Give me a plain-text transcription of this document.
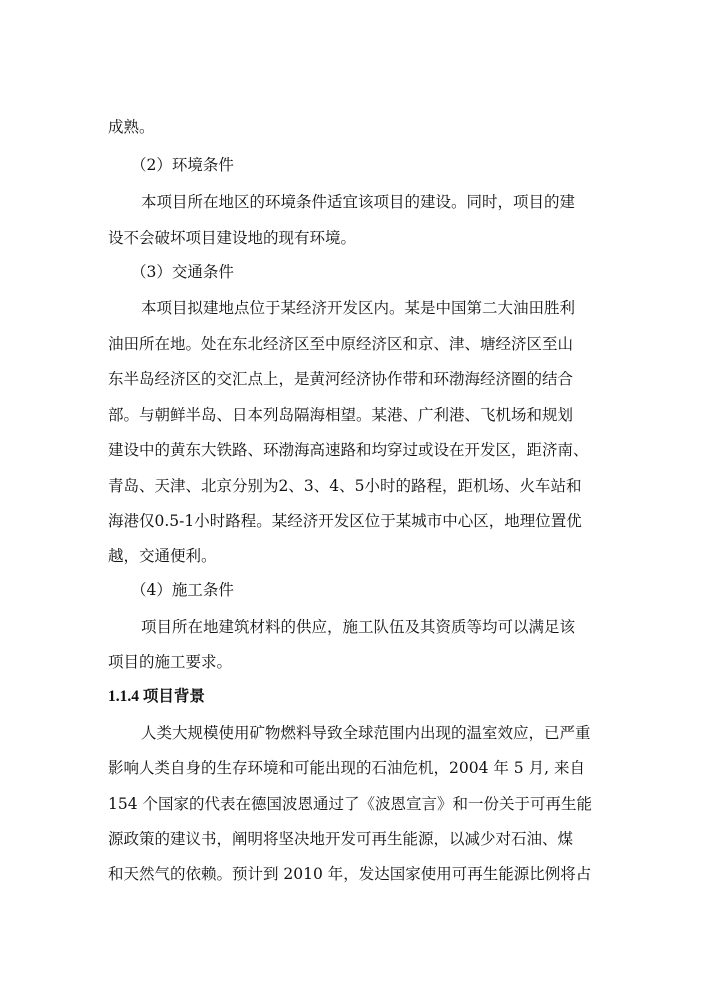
成熟。
（2）环境条件
本项目所在地区的环境条件适宜该项目的建设。同时，项目的建
设不会破坏项目建设地的现有环境。
（3）交通条件
本项目拟建地点位于某经济开发区内。某是中国第二大油田胜利
油田所在地。处在东北经济区至中原经济区和京、津、塘经济区至山
东半岛经济区的交汇点上，是黄河经济协作带和环渤海经济圈的结合
部。与朝鲜半岛、日本列岛隔海相望。某港、广利港、飞机场和规划
建设中的黄东大铁路、环渤海高速路和均穿过或设在开发区，距济南、
青岛、天津、北京分别为2、3、4、5小时的路程，距机场、火车站和
海港仅0.5-1小时路程。某经济开发区位于某城市中心区，地理位置优
越，交通便利。
（4）施工条件
项目所在地建筑材料的供应，施工队伍及其资质等均可以满足该
项目的施工要求。
1.1.4 项目背景
人类大规模使用矿物燃料导致全球范围内出现的温室效应，已严重
影响人类自身的生存环境和可能出现的石油危机，2004 年 5 月, 来自
154 个国家的代表在德国波恩通过了《波恩宣言》和一份关于可再生能
源政策的建议书，阐明将坚决地开发可再生能源，以减少对石油、煤
和天然气的依赖。预计到 2010 年，发达国家使用可再生能源比例将占
